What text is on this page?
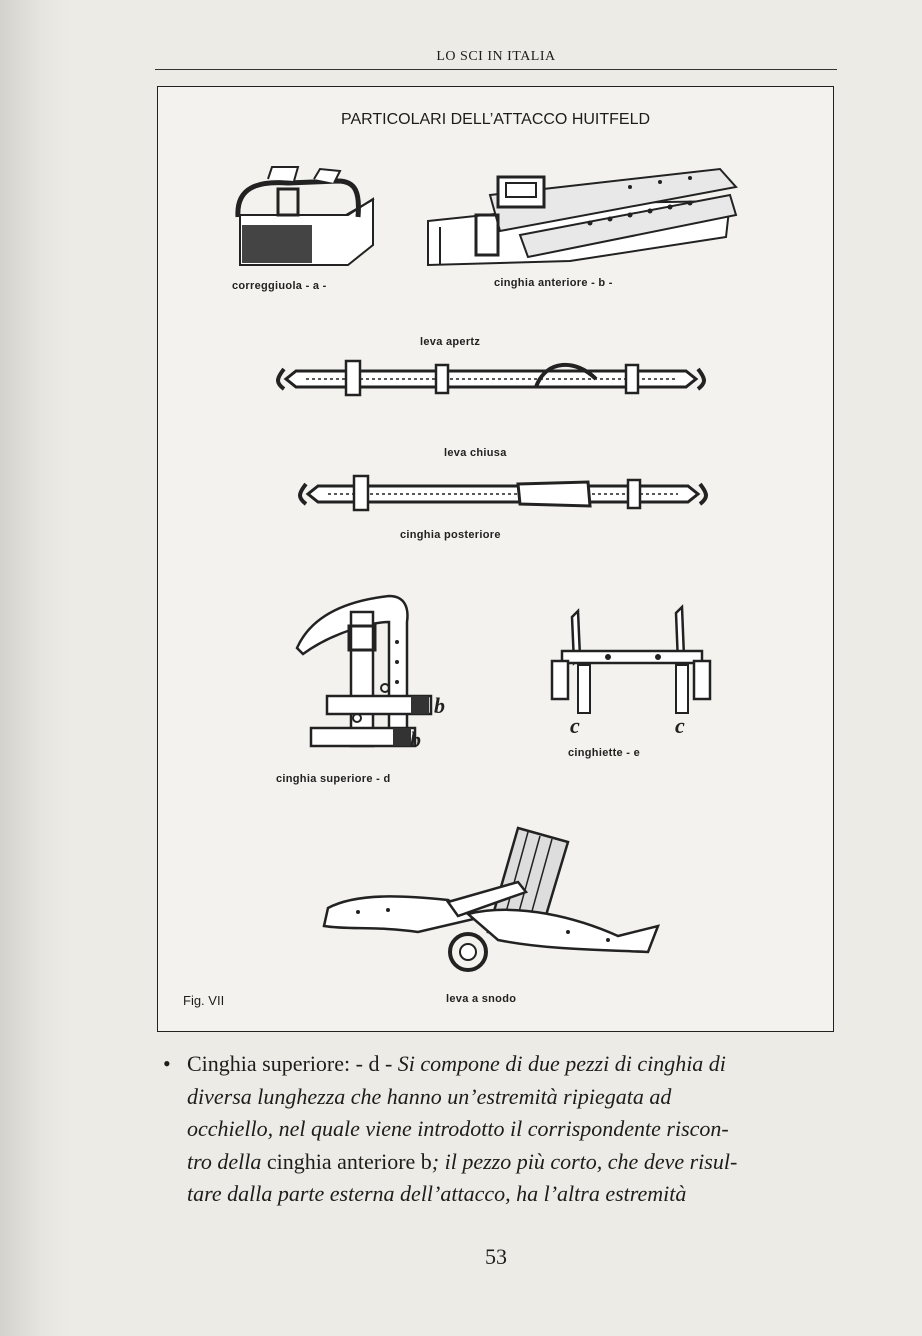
LO SCI IN ITALIA
PARTICOLARI DELL’ATTACCO HUITFELD
correggiuola - a -	cinghia anteriore - b -
leva apertz
leva chiusa
cinghia posteriore
b
b
cinghia superiore - d
c	c
cinghiette - e
Fig. VII	leva a snodo

• Cinghia superiore: - d - Si compone di due pezzi di cinghia di

diversa lunghezza che hanno un’estremità ripiegata ad

occhiello, nel quale viene introdotto il corrispondente riscon-

tro della cinghia anteriore b; il pezzo più corto, che deve risul-

tare dalla parte esterna dell’attacco, ha l’altra estremità

53
